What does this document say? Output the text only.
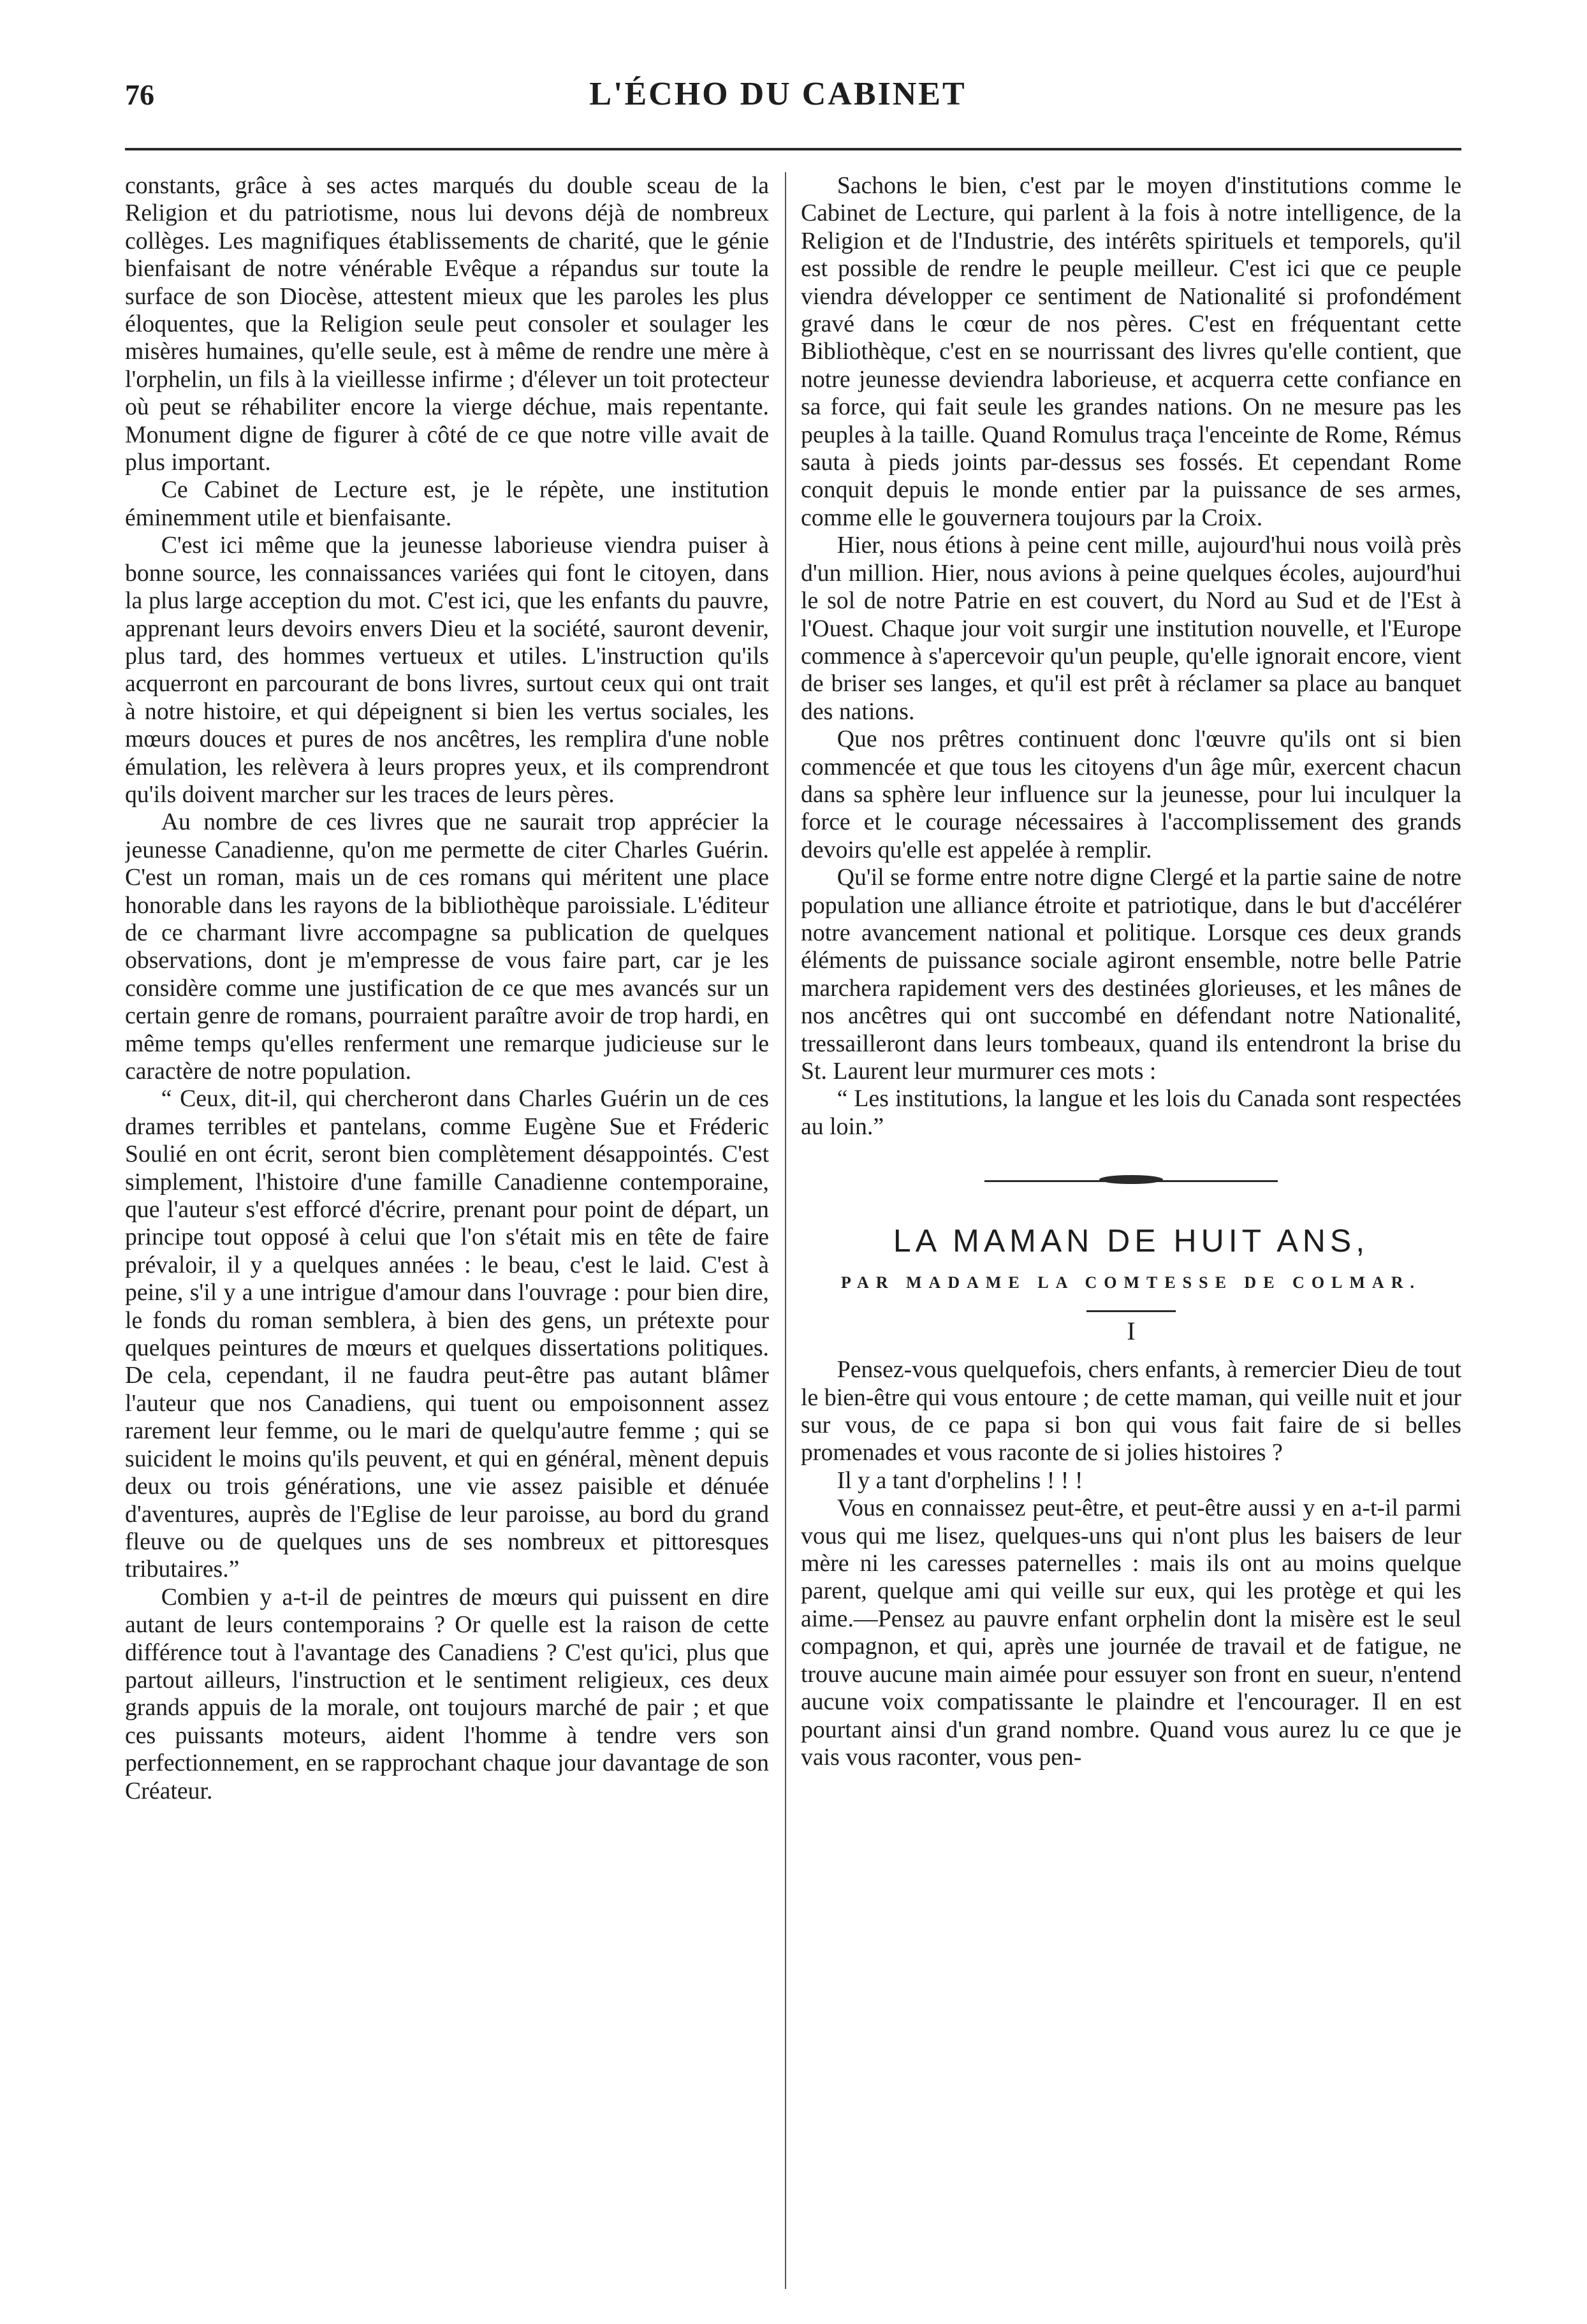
76	L'ÉCHO DU CABINET

constants, grâce à ses actes marqués du double sceau de la Religion et du patriotisme, nous lui devons déjà de nombreux collèges. Les magnifiques établissements de charité, que le génie bienfaisant de notre vénérable Evêque a répandus sur toute la surface de son Diocèse, attestent mieux que les paroles les plus éloquentes, que la Religion seule peut consoler et soulager les misères humaines, qu'elle seule, est à même de rendre une mère à l'orphelin, un fils à la vieillesse infirme ; d'élever un toit protecteur où peut se réhabiliter encore la vierge déchue, mais repentante. Monument digne de figurer à côté de ce que notre ville avait de plus important.

Ce Cabinet de Lecture est, je le répète, une institution éminemment utile et bienfaisante.

C'est ici même que la jeunesse laborieuse viendra puiser à bonne source, les connaissances variées qui font le citoyen, dans la plus large acception du mot. C'est ici, que les enfants du pauvre, apprenant leurs devoirs envers Dieu et la société, sauront devenir, plus tard, des hommes vertueux et utiles. L'instruction qu'ils acquerront en parcourant de bons livres, surtout ceux qui ont trait à notre histoire, et qui dépeignent si bien les vertus sociales, les mœurs douces et pures de nos ancêtres, les remplira d'une noble émulation, les relèvera à leurs propres yeux, et ils comprendront qu'ils doivent marcher sur les traces de leurs pères.

Au nombre de ces livres que ne saurait trop apprécier la jeunesse Canadienne, qu'on me permette de citer Charles Guérin. C'est un roman, mais un de ces romans qui méritent une place honorable dans les rayons de la bibliothèque paroissiale. L'éditeur de ce charmant livre accompagne sa publication de quelques observations, dont je m'empresse de vous faire part, car je les considère comme une justification de ce que mes avancés sur un certain genre de romans, pourraient paraître avoir de trop hardi, en même temps qu'elles renferment une remarque judicieuse sur le caractère de notre population.

“ Ceux, dit-il, qui chercheront dans Charles Guérin un de ces drames terribles et pantelans, comme Eugène Sue et Fréderic Soulié en ont écrit, seront bien complètement désappointés. C'est simplement, l'histoire d'une famille Canadienne contemporaine, que l'auteur s'est efforcé d'écrire, prenant pour point de départ, un principe tout opposé à celui que l'on s'était mis en tête de faire prévaloir, il y a quelques années : le beau, c'est le laid. C'est à peine, s'il y a une intrigue d'amour dans l'ouvrage : pour bien dire, le fonds du roman semblera, à bien des gens, un prétexte pour quelques peintures de mœurs et quelques dissertations politiques. De cela, cependant, il ne faudra peut-être pas autant blâmer l'auteur que nos Canadiens, qui tuent ou empoisonnent assez rarement leur femme, ou le mari de quelqu'autre femme ; qui se suicident le moins qu'ils peuvent, et qui en général, mènent depuis deux ou trois générations, une vie assez paisible et dénuée d'aventures, auprès de l'Eglise de leur paroisse, au bord du grand fleuve ou de quelques uns de ses nombreux et pittoresques tributaires.”

Combien y a-t-il de peintres de mœurs qui puissent en dire autant de leurs contemporains ? Or quelle est la raison de cette différence tout à l'avantage des Canadiens ? C'est qu'ici, plus que partout ailleurs, l'instruction et le sentiment religieux, ces deux grands appuis de la morale, ont toujours marché de pair ; et que ces puissants moteurs, aident l'homme à tendre vers son perfectionnement, en se rapprochant chaque jour davantage de son Créateur.

Sachons le bien, c'est par le moyen d'institutions comme le Cabinet de Lecture, qui parlent à la fois à notre intelligence, de la Religion et de l'Industrie, des intérêts spirituels et temporels, qu'il est possible de rendre le peuple meilleur. C'est ici que ce peuple viendra développer ce sentiment de Nationalité si profondément gravé dans le cœur de nos pères. C'est en fréquentant cette Bibliothèque, c'est en se nourrissant des livres qu'elle contient, que notre jeunesse deviendra laborieuse, et acquerra cette confiance en sa force, qui fait seule les grandes nations. On ne mesure pas les peuples à la taille. Quand Romulus traça l'enceinte de Rome, Rémus sauta à pieds joints par-dessus ses fossés. Et cependant Rome conquit depuis le monde entier par la puissance de ses armes, comme elle le gouvernera toujours par la Croix.

Hier, nous étions à peine cent mille, aujourd'hui nous voilà près d'un million. Hier, nous avions à peine quelques écoles, aujourd'hui le sol de notre Patrie en est couvert, du Nord au Sud et de l'Est à l'Ouest. Chaque jour voit surgir une institution nouvelle, et l'Europe commence à s'apercevoir qu'un peuple, qu'elle ignorait encore, vient de briser ses langes, et qu'il est prêt à réclamer sa place au banquet des nations.

Que nos prêtres continuent donc l'œuvre qu'ils ont si bien commencée et que tous les citoyens d'un âge mûr, exercent chacun dans sa sphère leur influence sur la jeunesse, pour lui inculquer la force et le courage nécessaires à l'accomplissement des grands devoirs qu'elle est appelée à remplir.

Qu'il se forme entre notre digne Clergé et la partie saine de notre population une alliance étroite et patriotique, dans le but d'accélérer notre avancement national et politique. Lorsque ces deux grands éléments de puissance sociale agiront ensemble, notre belle Patrie marchera rapidement vers des destinées glorieuses, et les mânes de nos ancêtres qui ont succombé en défendant notre Nationalité, tressailleront dans leurs tombeaux, quand ils entendront la brise du St. Laurent leur murmurer ces mots :

“ Les institutions, la langue et les lois du Canada sont respectées au loin.”

LA MAMAN DE HUIT ANS,

PAR MADAME LA COMTESSE DE COLMAR.

I

Pensez-vous quelquefois, chers enfants, à remercier Dieu de tout le bien-être qui vous entoure ; de cette maman, qui veille nuit et jour sur vous, de ce papa si bon qui vous fait faire de si belles promenades et vous raconte de si jolies histoires ?

Il y a tant d'orphelins ! ! !

Vous en connaissez peut-être, et peut-être aussi y en a-t-il parmi vous qui me lisez, quelques-uns qui n'ont plus les baisers de leur mère ni les caresses paternelles : mais ils ont au moins quelque parent, quelque ami qui veille sur eux, qui les protège et qui les aime.—Pensez au pauvre enfant orphelin dont la misère est le seul compagnon, et qui, après une journée de travail et de fatigue, ne trouve aucune main aimée pour essuyer son front en sueur, n'entend aucune voix compatissante le plaindre et l'encourager. Il en est pourtant ainsi d'un grand nombre. Quand vous aurez lu ce que je vais vous raconter, vous pen-
